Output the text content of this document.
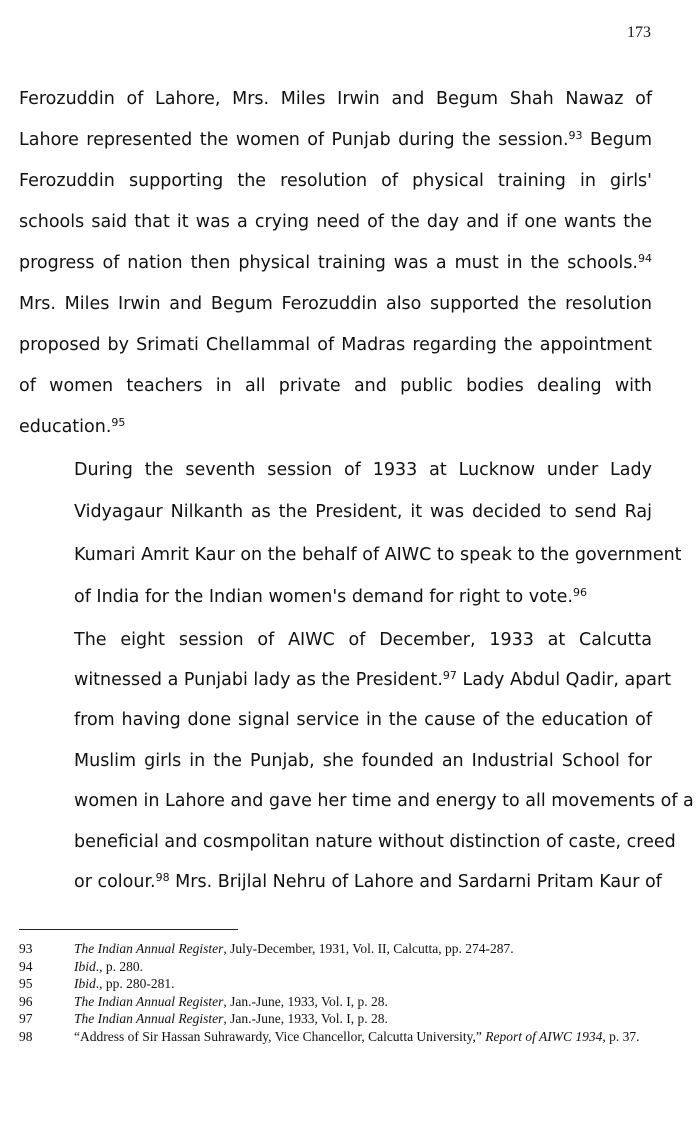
173

Ferozuddin of Lahore, Mrs. Miles Irwin and Begum Shah Nawaz of
Lahore represented the women of Punjab during the session.$^{93}$ Begum
Ferozuddin supporting the resolution of physical training in girls'
schools said that it was a crying need of the day and if one wants the
progress of nation then physical training was a must in the schools.$^{94}$
Mrs. Miles Irwin and Begum Ferozuddin also supported the resolution
proposed by Srimati Chellammal of Madras regarding the appointment
of women teachers in all private and public bodies dealing with
education.$^{95}$

During the seventh session of 1933 at Lucknow under Lady
Vidyagaur Nilkanth as the President, it was decided to send Raj
Kumari Amrit Kaur on the behalf of AIWC to speak to the government
of India for the Indian women's demand for right to vote.$^{96}$

The eight session of AIWC of December, 1933 at Calcutta
witnessed a Punjabi lady as the President.$^{97}$ Lady Abdul Qadir, apart
from having done signal service in the cause of the education of
Muslim girls in the Punjab, she founded an Industrial School for
women in Lahore and gave her time and energy to all movements of a
beneficial and cosmpolitan nature without distinction of caste, creed
or colour.$^{98}$ Mrs. Brijlal Nehru of Lahore and Sardarni Pritam Kaur of

93	The Indian Annual Register, July-December, 1931, Vol. II, Calcutta, pp. 274-287.
94	Ibid., p. 280.
95	Ibid., pp. 280-281.
96	The Indian Annual Register, Jan.-June, 1933, Vol. I, p. 28.
97	The Indian Annual Register, Jan.-June, 1933, Vol. I, p. 28.
98	“Address of Sir Hassan Suhrawardy, Vice Chancellor, Calcutta University,” Report of AIWC 1934, p. 37.
